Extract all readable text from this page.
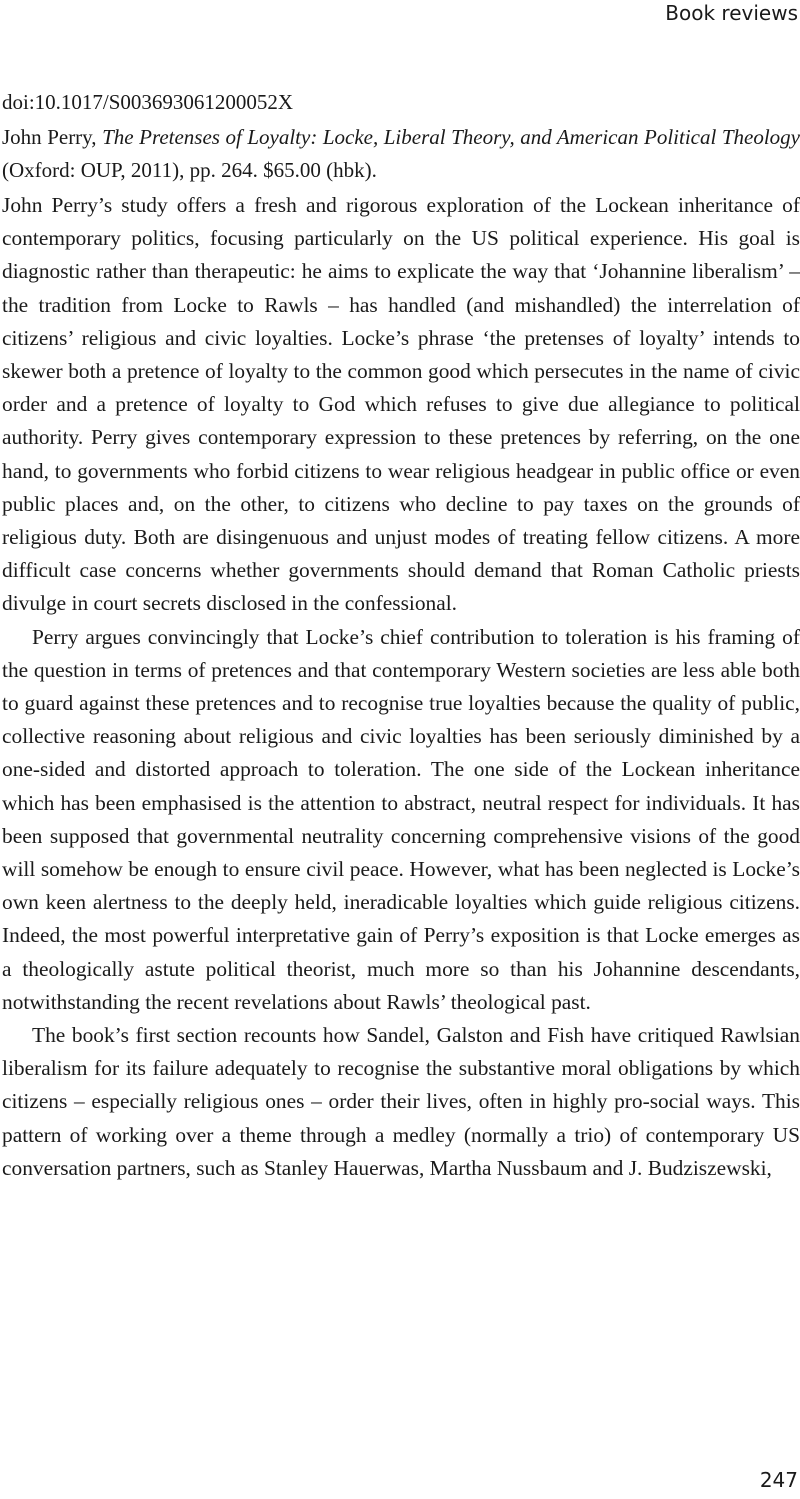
Book reviews

doi:10.1017/S003693061200052X

John Perry, The Pretenses of Loyalty: Locke, Liberal Theory, and American Political Theology (Oxford: OUP, 2011), pp. 264. $65.00 (hbk).

John Perry’s study offers a fresh and rigorous exploration of the Lockean inheritance of contemporary politics, focusing particularly on the US political experience. His goal is diagnostic rather than therapeutic: he aims to explicate the way that ‘Johannine liberalism’ – the tradition from Locke to Rawls – has handled (and mishandled) the interrelation of citizens’ religious and civic loyalties. Locke’s phrase ‘the pretenses of loyalty’ intends to skewer both a pretence of loyalty to the common good which persecutes in the name of civic order and a pretence of loyalty to God which refuses to give due allegiance to political authority. Perry gives contemporary expression to these pretences by referring, on the one hand, to governments who forbid citizens to wear religious headgear in public office or even public places and, on the other, to citizens who decline to pay taxes on the grounds of religious duty. Both are disingenuous and unjust modes of treating fellow citizens. A more difficult case concerns whether governments should demand that Roman Catholic priests divulge in court secrets disclosed in the confessional.

Perry argues convincingly that Locke’s chief contribution to toleration is his framing of the question in terms of pretences and that contemporary Western societies are less able both to guard against these pretences and to recognise true loyalties because the quality of public, collective reasoning about religious and civic loyalties has been seriously diminished by a one-sided and distorted approach to toleration. The one side of the Lockean inheritance which has been emphasised is the attention to abstract, neutral respect for individuals. It has been supposed that governmental neutrality concerning comprehensive visions of the good will somehow be enough to ensure civil peace. However, what has been neglected is Locke’s own keen alertness to the deeply held, ineradicable loyalties which guide religious citizens. Indeed, the most powerful interpretative gain of Perry’s exposition is that Locke emerges as a theologically astute political theorist, much more so than his Johannine descendants, notwithstanding the recent revelations about Rawls’ theological past.

The book’s first section recounts how Sandel, Galston and Fish have critiqued Rawlsian liberalism for its failure adequately to recognise the substantive moral obligations by which citizens – especially religious ones – order their lives, often in highly pro-social ways. This pattern of working over a theme through a medley (normally a trio) of contemporary US conversation partners, such as Stanley Hauerwas, Martha Nussbaum and J. Budziszewski,

247
